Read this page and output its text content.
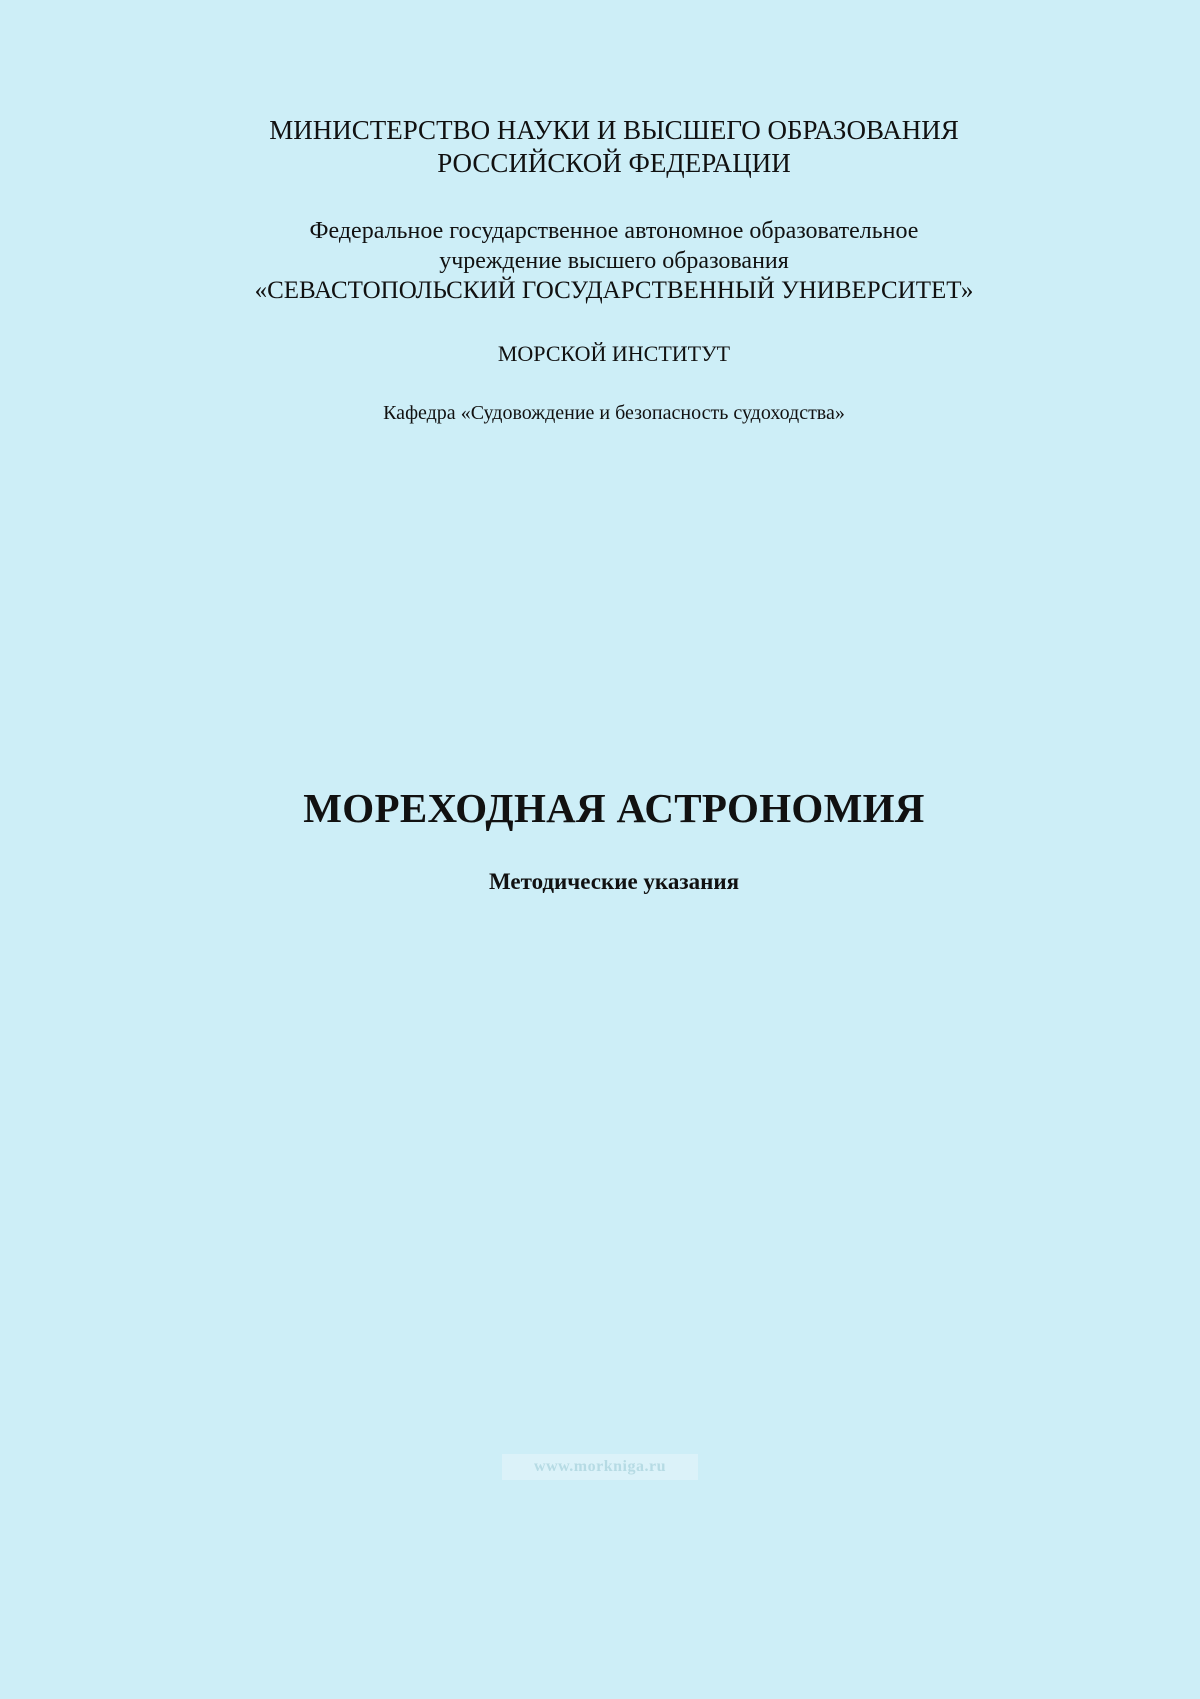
МИНИСТЕРСТВО НАУКИ И ВЫСШЕГО ОБРАЗОВАНИЯ
РОССИЙСКОЙ ФЕДЕРАЦИИ
Федеральное государственное автономное образовательное
учреждение высшего образования
«СЕВАСТОПОЛЬСКИЙ ГОСУДАРСТВЕННЫЙ УНИВЕРСИТЕТ»
МОРСКОЙ ИНСТИТУТ
Кафедра «Судовождение и безопасность судоходства»
МОРЕХОДНАЯ АСТРОНОМИЯ
Методические указания
www.morkniga.ru
